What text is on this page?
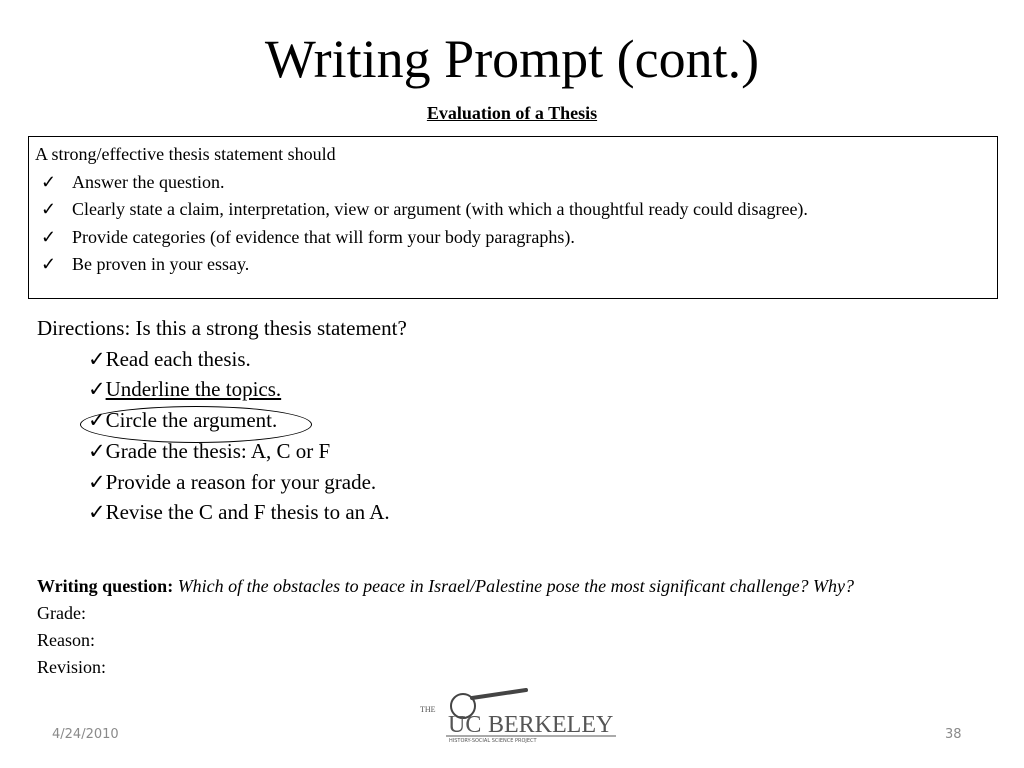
Writing Prompt (cont.)
Evaluation of a Thesis
A strong/effective thesis statement should
✓ Answer the question.
✓ Clearly state a claim, interpretation, view or argument (with which a thoughtful ready could disagree).
✓ Provide categories (of evidence that will form your body paragraphs).
✓ Be proven in your essay.
Directions: Is this a strong thesis statement?
✓Read each thesis.
✓Underline the topics.
✓Circle the argument.
✓Grade the thesis: A, C or F
✓Provide a reason for your grade.
✓Revise the C and F thesis to an A.
Writing question: Which of the obstacles to peace in Israel/Palestine pose the most significant challenge? Why?
Grade:
Reason:
Revision:
THE
UC BERKELEY
HISTORY-SOCIAL SCIENCE PROJECT
4/24/2010	38
